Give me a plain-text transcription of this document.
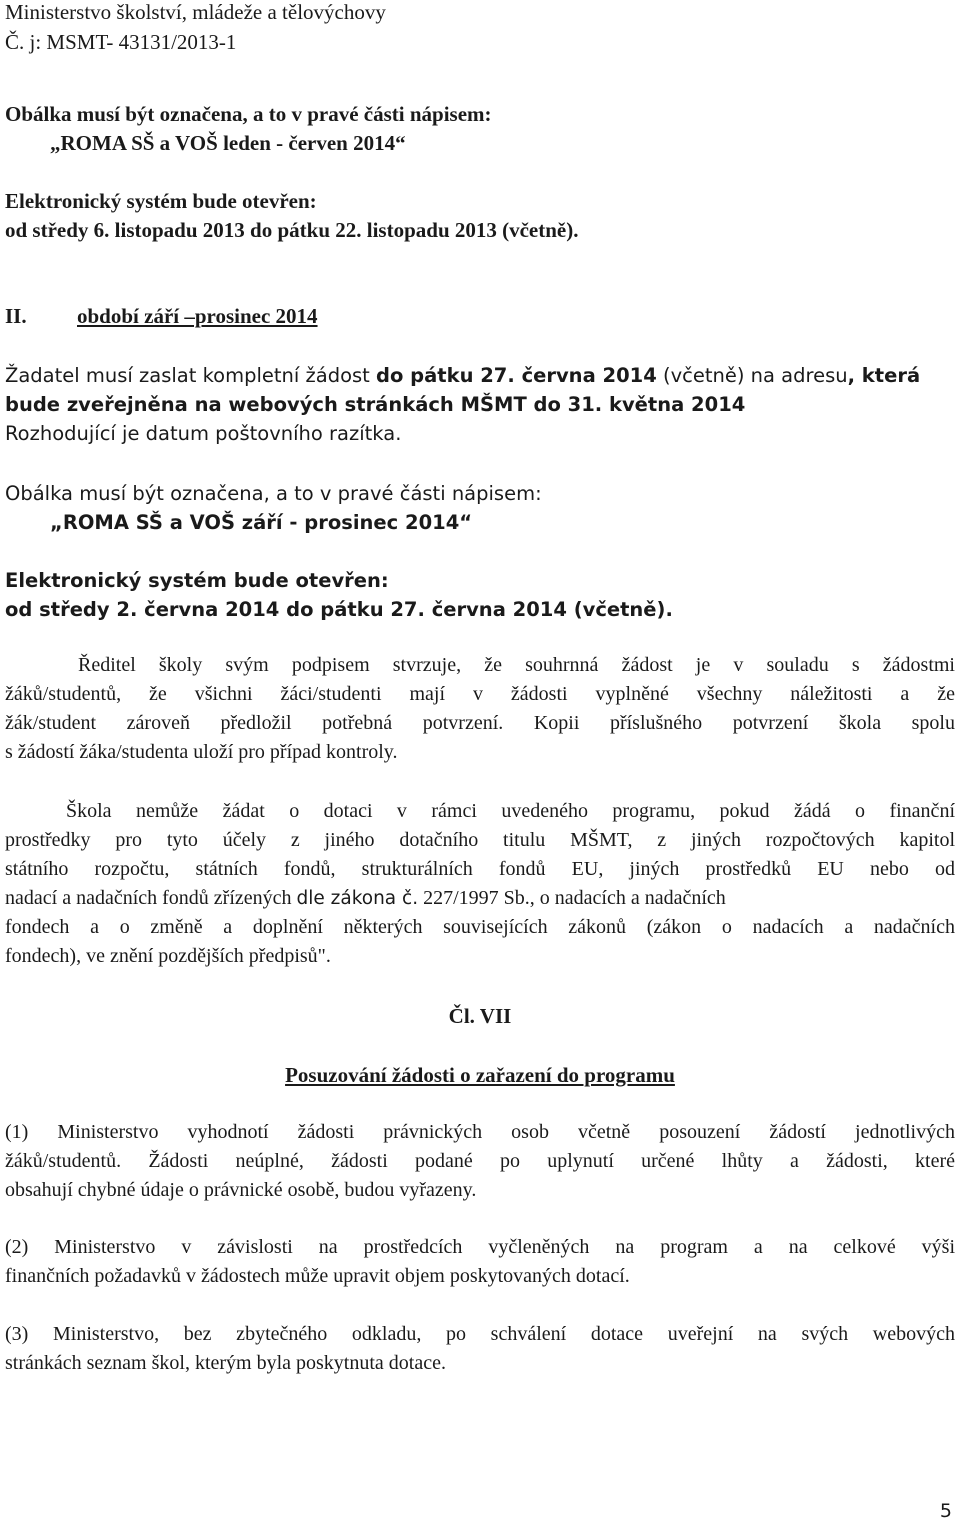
Ministerstvo školství, mládeže a tělovýchovy
Č. j: MSMT- 43131/2013-1
Obálka musí být označena, a to v pravé části nápisem:
„ROMA SŠ a VOŠ leden - červen 2014“
Elektronický systém bude otevřen:
od středy 6. listopadu 2013 do pátku 22. listopadu 2013 (včetně).
II. období září –prosinec 2014
Žadatel musí zaslat kompletní žádost do pátku 27. června 2014 (včetně) na adresu, která
bude zveřejněna na webových stránkách MŠMT do 31. května 2014
Rozhodující je datum poštovního razítka.
Obálka musí být označena, a to v pravé části nápisem:
„ROMA SŠ a VOŠ září - prosinec 2014“
Elektronický systém bude otevřen:
od středy 2. června 2014 do pátku 27. června 2014 (včetně).
Ředitel školy svým podpisem stvrzuje, že souhrnná žádost je v souladu s žádostmi
žáků/studentů, že všichni žáci/studenti mají v žádosti vyplněné všechny náležitosti a že
žák/student zároveň předložil potřebná potvrzení. Kopii příslušného potvrzení škola spolu
s žádostí žáka/studenta uloží pro případ kontroly.
Škola nemůže žádat o dotaci v rámci uvedeného programu, pokud žádá o finanční
prostředky pro tyto účely z jiného dotačního titulu MŠMT, z jiných rozpočtových kapitol
státního rozpočtu, státních fondů, strukturálních fondů EU, jiných prostředků EU nebo od
nadací a nadačních fondů zřízených dle zákona č. 227/1997 Sb., o nadacích a nadačních
fondech a o změně a doplnění některých souvisejících zákonů (zákon o nadacích a nadačních
fondech), ve znění pozdějších předpisů".
Čl. VII
Posuzování žádosti o zařazení do programu
(1) Ministerstvo vyhodnotí žádosti právnických osob včetně posouzení žádostí jednotlivých
žáků/studentů. Žádosti neúplné, žádosti podané po uplynutí určené lhůty a žádosti, které
obsahují chybné údaje o právnické osobě, budou vyřazeny.
(2) Ministerstvo v závislosti na prostředcích vyčleněných na program a na celkové výši
finančních požadavků v žádostech může upravit objem poskytovaných dotací.
(3) Ministerstvo, bez zbytečného odkladu, po schválení dotace uveřejní na svých webových
stránkách seznam škol, kterým byla poskytnuta dotace.
5
